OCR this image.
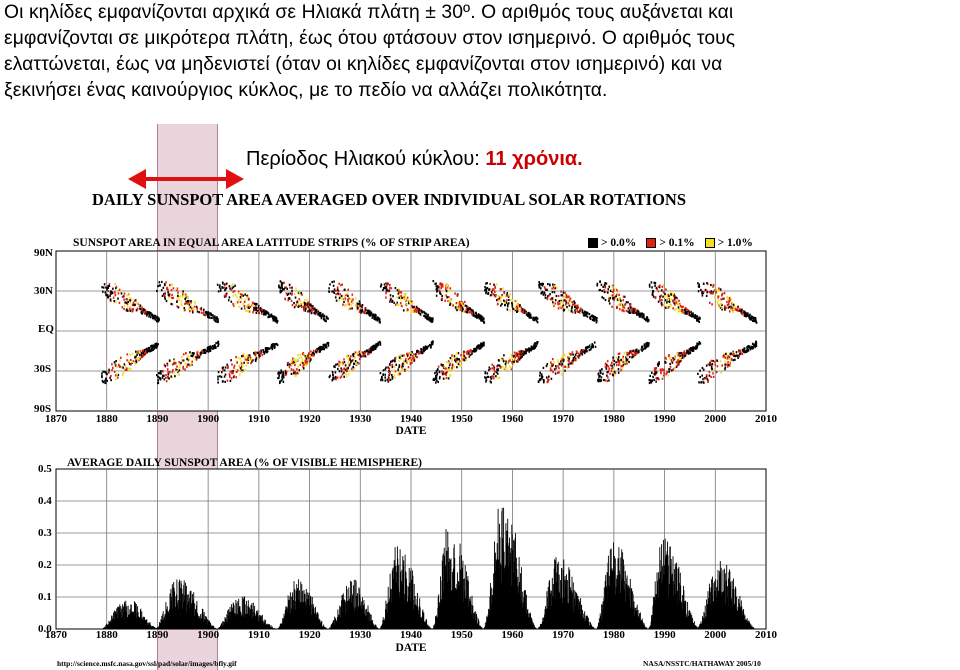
Οι κηλίδες εμφανίζονται αρχικά σε Ηλιακά πλάτη ± 30º. Ο αριθμός τους αυξάνεται και
εμφανίζονται σε μικρότερα πλάτη, έως ότου φτάσουν στον ισημερινό. Ο αριθμός τους
ελαττώνεται, έως να μηδενιστεί (όταν οι κηλίδες εμφανίζονται στον ισημερινό) και να
ξεκινήσει ένας καινούργιος κύκλος, με το πεδίο να αλλάζει πολικότητα.
Περίοδος Ηλιακού κύκλου: 11 χρόνια.
DAILY SUNSPOT AREA AVERAGED OVER INDIVIDUAL SOLAR ROTATIONS
SUNSPOT AREA IN EQUAL AREA LATITUDE STRIPS (% OF STRIP AREA)	> 0.0% > 0.1% > 1.0%
90N
30N
EQ
30S
90S
1870	1880	1890	1900	1910	1920	1930	1940	1950	1960	1970	1980	1990	2000	2010
DATE
AVERAGE DAILY SUNSPOT AREA (% OF VISIBLE HEMISPHERE)
0.5
0.4
0.3
0.2
0.1
0.0	12	13	14	15	16	17	18	19	20	21	22	23
1870	1880	1890	1900	1910	1920	1930	1940	1950	1960	1970	1980	1990	2000	2010
DATE
http://science.msfc.nasa.gov/ssl/pad/solar/images/bfly.gif	NASA/NSSTC/HATHAWAY 2005/10
